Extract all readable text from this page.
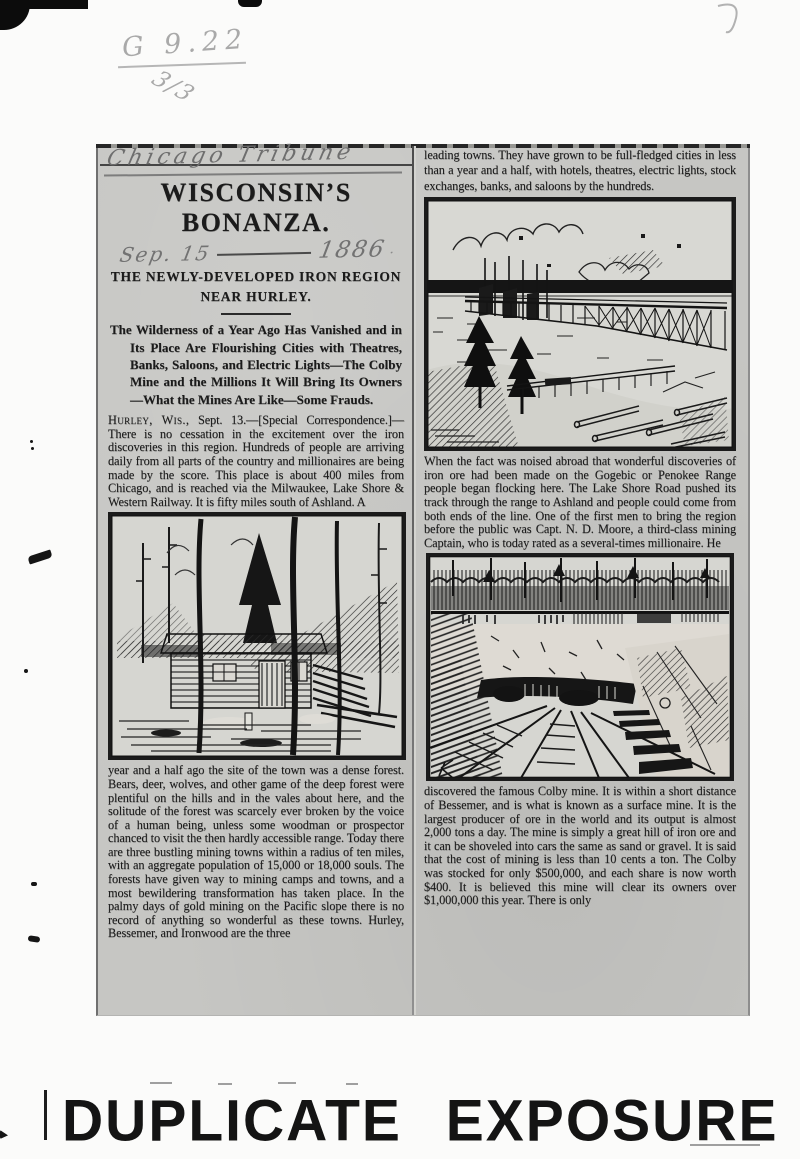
G 9.22
3/3
Chicago Tribune
WISCONSIN’S BONANZA.
Sep. 15	1886 .
THE NEWLY-DEVELOPED IRON REGION
NEAR HURLEY.

The Wilderness of a Year Ago Has Vanished and in Its Place Are Flourishing Cities with Theatres, Banks, Saloons, and Electric Lights—The Colby Mine and the Millions It Will Bring Its Owners—What the Mines Are Like—Some Frauds.

Hurley, Wis., Sept. 13.—[Special Correspondence.]—There is no cessation in the excitement over the iron discoveries in this region. Hundreds of people are arriving daily from all parts of the country and millionaires are being made by the score. This place is about 400 miles from Chicago, and is reached via the Milwaukee, Lake Shore & Western Railway. It is fifty miles south of Ashland. A

year and a half ago the site of the town was a dense forest. Bears, deer, wolves, and other game of the deep forest were plentiful on the hills and in the vales about here, and the solitude of the forest was scarcely ever broken by the voice of a human being, unless some woodman or prospector chanced to visit the then hardly accessible range. Today there are three bustling mining towns within a radius of ten miles, with an aggregate population of 15,000 or 18,000 souls. The forests have given way to mining camps and towns, and a most bewildering transformation has taken place. In the palmy days of gold mining on the Pacific slope there is no record of anything so wonderful as these towns. Hurley, Bessemer, and Ironwood are the three

leading towns. They have grown to be full-fledged cities in less than a year and a half, with hotels, theatres, electric lights, stock exchanges, banks, and saloons by the hundreds.

When the fact was noised abroad that wonderful discoveries of iron ore had been made on the Gogebic or Penokee Range people began flocking here. The Lake Shore Road pushed its track through the range to Ashland and people could come from both ends of the line. One of the first men to bring the region before the public was Capt. N. D. Moore, a third-class mining Captain, who is today rated as a several-times millionaire. He

discovered the famous Colby mine. It is within a short distance of Bessemer, and is what is known as a surface mine. It is the largest producer of ore in the world and its output is almost 2,000 tons a day. The mine is simply a great hill of iron ore and it can be shoveled into cars the same as sand or gravel. It is said that the cost of mining is less than 10 cents a ton. The Colby was stocked for only $500,000, and each share is now worth $400. It is believed this mine will clear its owners over $1,000,000 this year. There is only

DUPLICATE EXPOSURE
